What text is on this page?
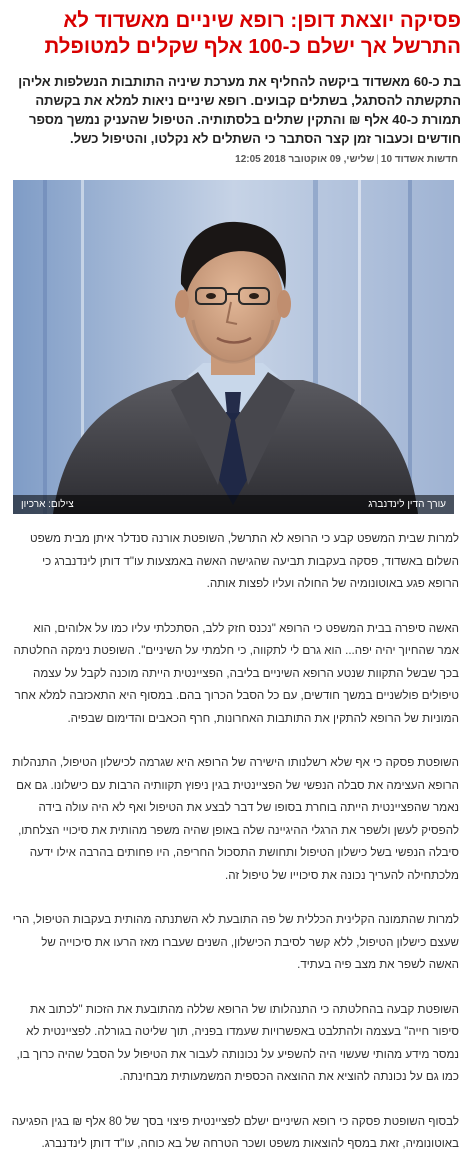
פסיקה יוצאת דופן: רופא שיניים מאשדוד לא התרשל אך ישלם כ-100 אלף שקלים למטופלת

בת כ-60 מאשדוד ביקשה להחליף את מערכת שיניה התותבות הנשלפות אליהן התקשתה להסתגל, בשתלים קבועים. רופא שיניים ניאות למלא את בקשתה תמורת כ-40 אלף ₪ והתקין שתלים בלסתותיה. הטיפול שהעניק נמשך מספר חודשים וכעבור זמן קצר הסתבר כי השתלים לא נקלטו, והטיפול כשל.

חדשות אשדוד 10|שלישי, 09 אוקטובר 2018 12:05
עורך הדין לינדנברג
צילום: ארכיון

למרות שבית המשפט קבע כי הרופא לא התרשל, השופטת אורנה סנדלר איתן מבית משפט השלום באשדוד, פסקה בעקבות תביעה שהגישה האשה באמצעות עו"ד דותן לינדנברג כי הרופא פגע באוטונומיה של החולה ועליו לפצות אותה.

האשה סיפרה בבית המשפט כי הרופא "נכנס חזק ללב, הסתכלתי עליו כמו על אלוהים, הוא אמר שהחיוך יהיה יפה... הוא גרם לי לתקווה, כי חלמתי על השיניים". השופטת נימקה החלטתה בכך שבשל התקוות שנטע הרופא השיניים בליבה, הפציינטית הייתה מוכנה לקבל על עצמה טיפולים פולשניים במשך חודשים, עם כל הסבל הכרוך בהם. במסוף היא התאכזבה למלא אחר המוניות של הרופא להתקין את התותבות האחרונות, חרף הכאבים והדימום שבפיה.

השופטת פסקה כי אף שלא רשלנותו הישירה של הרופא היא שגרמה לכישלון הטיפול, התנהלות הרופא העצימה את סבלה הנפשי של הפציינטית בגין ניפוץ תקוותיה הרבות עם כישלונו. גם אם נאמר שהפציינטית הייתה בוחרת בסופו של דבר לבצע את הטיפול ואף לא היה עולה בידה להפסיק לעשן ולשפר את הרגלי ההיגיינה שלה באופן שהיה משפר מהותית את סיכויי הצלחתו, סיבלה הנפשי בשל כישלון הטיפול ותחושת התסכול החריפה, היו פחותים בהרבה אילו ידעה מלכתחילה להעריך נכונה את סיכוייו של טיפול זה.

למרות שהתמונה הקלינית הכללית של פה התובעת לא השתנתה מהותית בעקבות הטיפול, הרי שעצם כישלון הטיפול, ללא קשר לסיבת הכישלון, השנים שעברו מאז הרעו את סיכוייה של האשה לשפר את מצב פיה בעתיד.

השופטת קבעה בהחלטתה כי התנהלותו של הרופא שללה מהתובעת את הזכות "לכתוב את סיפור חייה" בעצמה ולהתלבט באפשרויות שעמדו בפניה, תוך שליטה בגורלה. לפציינטית לא נמסר מידע מהותי שעשוי היה להשפיע על נכונותה לעבור את הטיפול על הסבל שהיה כרוך בו, כמו גם על נכונתה להוציא את ההוצאה הכספית המשמעותית מבחינתה.

לבסוף השופטת פסקה כי רופא השיניים ישלם לפציינטית פיצוי בסך של 80 אלף ₪ בגין הפגיעה באוטונומיה, זאת במסף להוצאות משפט ושכר הטרחה של בא כוחה, עו"ד דותן לינדנברג.
